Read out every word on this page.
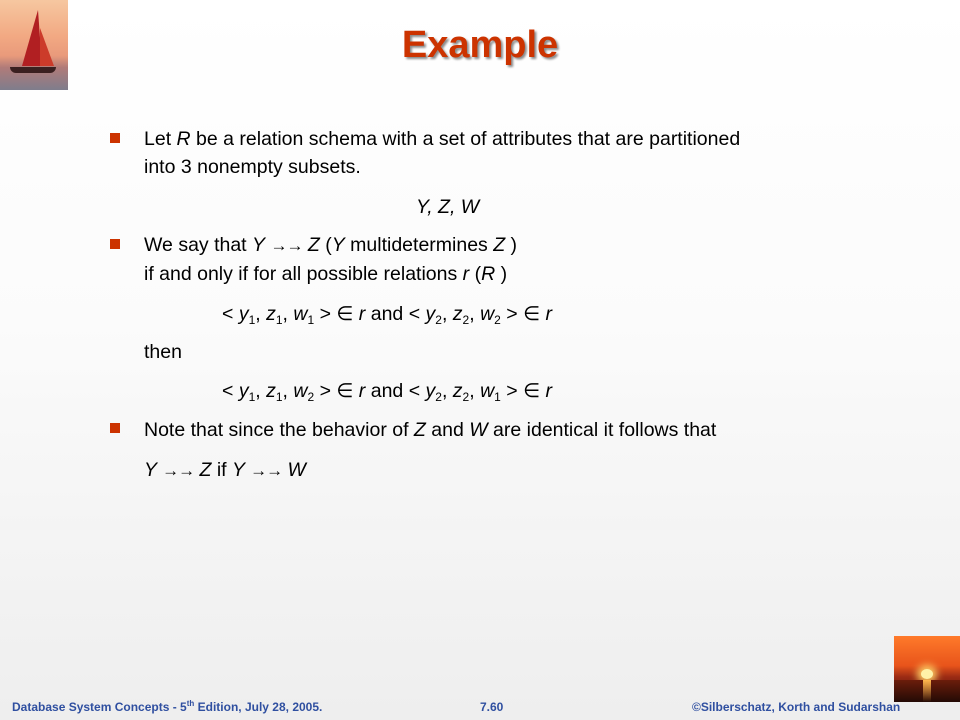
Example
Let R be a relation schema with a set of attributes that are partitioned
into 3 nonempty subsets.
Y, Z, W
We say that Y →→ Z (Y multidetermines Z )
if and only if for all possible relations r (R )
< $y_1$, $z_1$, $w_1$ > ∈ r and < $y_2$, $z_2$, $w_2$ > ∈ r
then
< $y_1$, $z_1$, $w_2$ > ∈ r and < $y_2$, $z_2$, $w_1$ > ∈ r
Note that since the behavior of Z and W are identical it follows that
Y →→ Z if Y →→ W
Database System Concepts - 5th Edition, July 28, 2005.	7.60	©Silberschatz, Korth and Sudarshan
